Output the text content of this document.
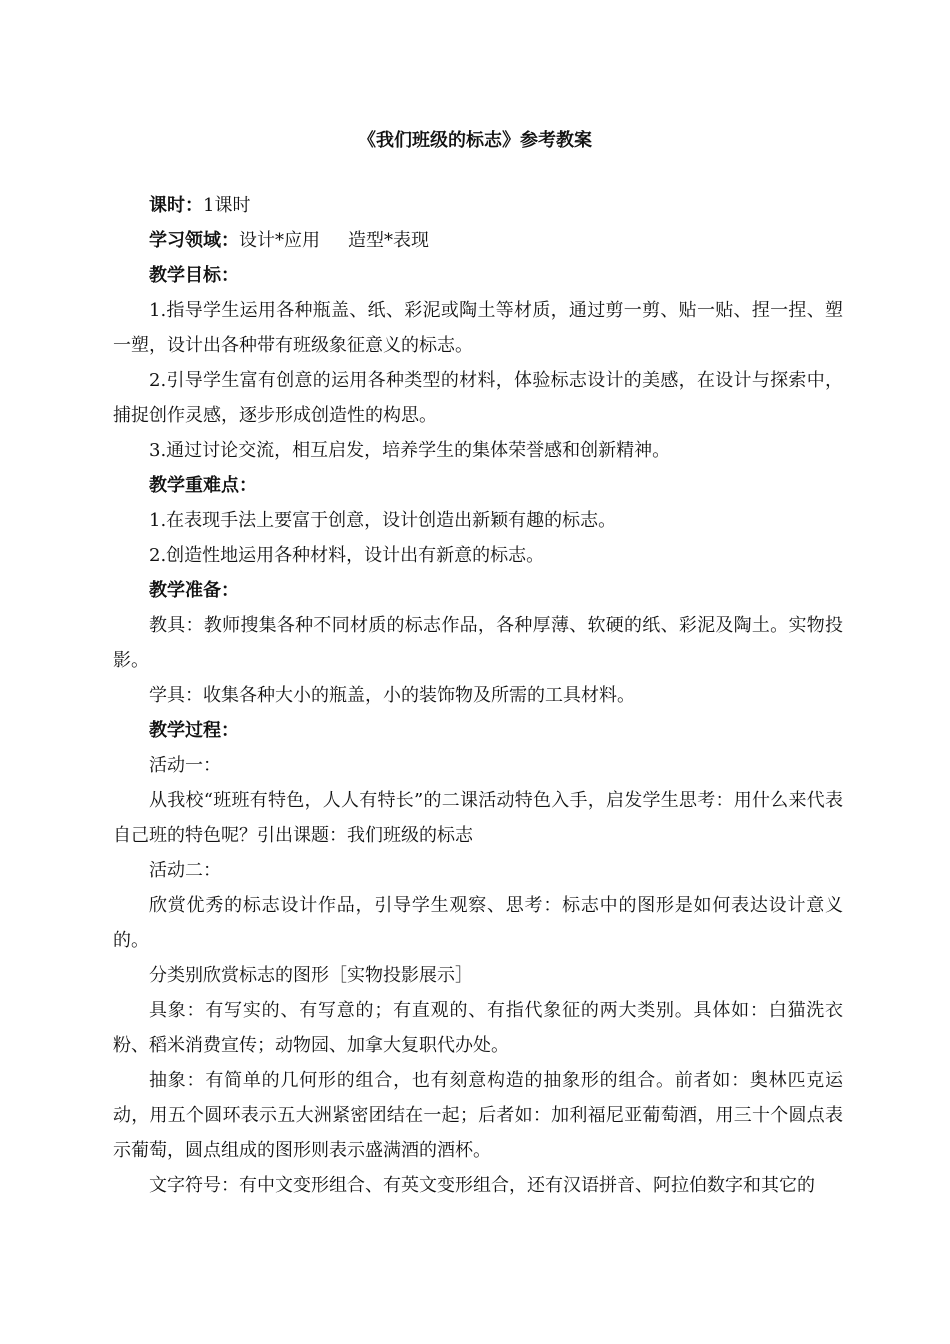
《我们班级的标志》参考教案

课时：1课时

学习领域：设计*应用 造型*表现

教学目标：

1.指导学生运用各种瓶盖、纸、彩泥或陶土等材质，通过剪一剪、贴一贴、捏一捏、塑一塑，设计出各种带有班级象征意义的标志。

2.引导学生富有创意的运用各种类型的材料，体验标志设计的美感，在设计与探索中，捕捉创作灵感，逐步形成创造性的构思。

3.通过讨论交流，相互启发，培养学生的集体荣誉感和创新精神。

教学重难点：

1.在表现手法上要富于创意，设计创造出新颖有趣的标志。

2.创造性地运用各种材料，设计出有新意的标志。

教学准备：

教具：教师搜集各种不同材质的标志作品，各种厚薄、软硬的纸、彩泥及陶土。实物投影。

学具：收集各种大小的瓶盖，小的装饰物及所需的工具材料。

教学过程：

活动一：

从我校“班班有特色，人人有特长”的二课活动特色入手，启发学生思考：用什么来代表自己班的特色呢？引出课题：我们班级的标志

活动二：

欣赏优秀的标志设计作品，引导学生观察、思考：标志中的图形是如何表达设计意义的。

分类别欣赏标志的图形［实物投影展示］

具象：有写实的、有写意的；有直观的、有指代象征的两大类别。具体如：白猫洗衣粉、稻米消费宣传；动物园、加拿大复职代办处。

抽象：有简单的几何形的组合，也有刻意构造的抽象形的组合。前者如：奥林匹克运动，用五个圆环表示五大洲紧密团结在一起；后者如：加利福尼亚葡萄酒，用三十个圆点表示葡萄，圆点组成的图形则表示盛满酒的酒杯。

文字符号：有中文变形组合、有英文变形组合，还有汉语拼音、阿拉伯数字和其它的
